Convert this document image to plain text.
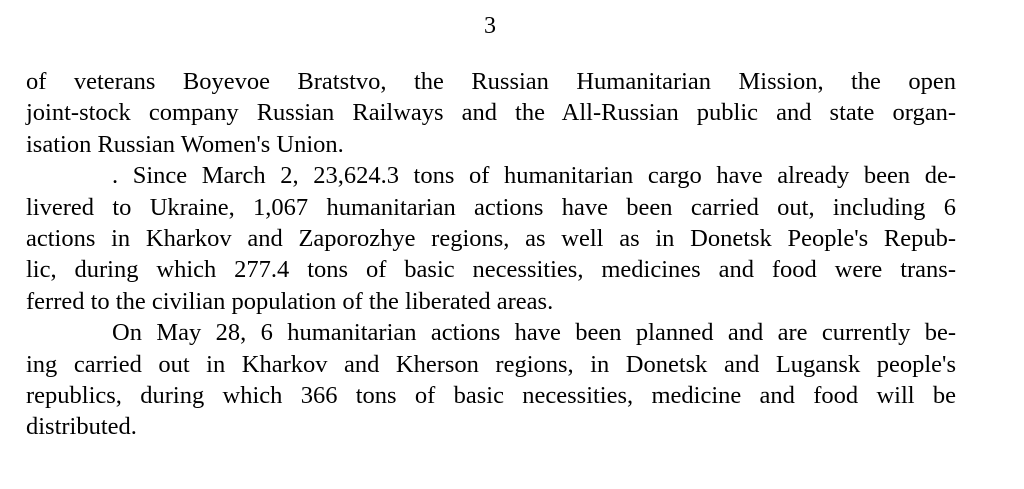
3
of veterans Boyevoe Bratstvo, the Russian Humanitarian Mission, the open
joint-stock company Russian Railways and the All-Russian public and state organ-
isation Russian Women's Union.
. Since March 2, 23,624.3 tons of humanitarian cargo have already been de-
livered to Ukraine, 1,067 humanitarian actions have been carried out, including 6
actions in Kharkov and Zaporozhye regions, as well as in Donetsk People's Repub-
lic, during which 277.4 tons of basic necessities, medicines and food were trans-
ferred to the civilian population of the liberated areas.
On May 28, 6 humanitarian actions have been planned and are currently be-
ing carried out in Kharkov and Kherson regions, in Donetsk and Lugansk people's
republics, during which 366 tons of basic necessities, medicine and food will be
distributed.
